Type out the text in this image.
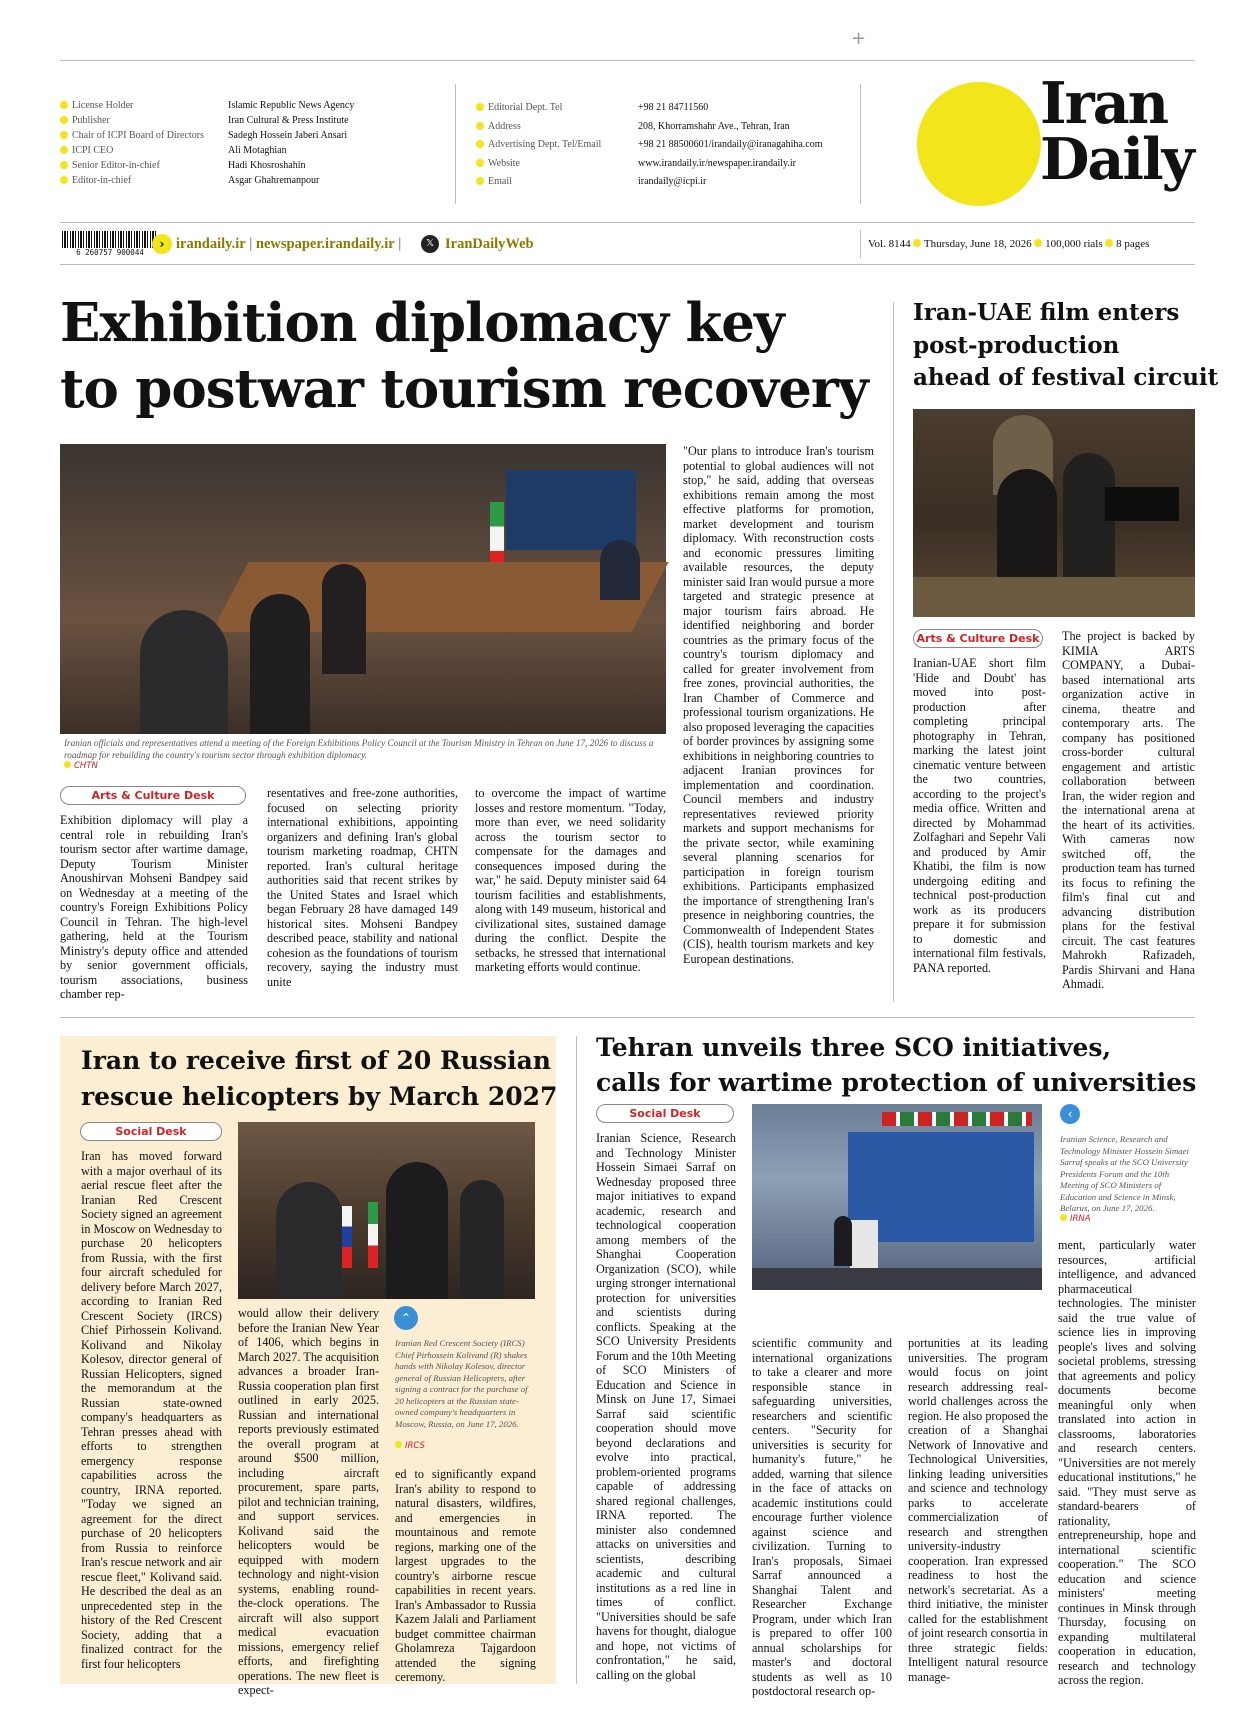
+
License Holder
Publisher
Chair of ICPI Board of Directors
ICPI CEO
Senior Editor-in-chief
Editor-in-chief
Islamic Republic News Agency
Iran Cultural & Press Institute
Sadegh Hossein Jaberi Ansari
Ali Motaghian
Hadi Khosroshahin
Asgar Ghahremanpour
Editorial Dept. Tel
Address
Advertising Dept. Tel/Email
Website
Email
+98 21 84711560
208, Khorramshahr Ave., Tehran, Iran
+98 21 88500601/irandaily@iranagahiha.com
www.irandaily.ir/newspaper.irandaily.ir
irandaily@icpi.ir
Iran
Daily
6 260757 900044
› irandaily.ir | newspaper.irandaily.ir |	𝕏 IranDailyWeb	Vol. 8144 Thursday, June 18, 2026 100,000 rials 8 pages
Exhibition diplomacy key
to postwar tourism recovery
Iranian officials and representatives attend a meeting of the Foreign Exhibitions Policy Council at the Tourism Ministry in Tehran on June 17, 2026 to discuss a roadmap for rebuilding the country's tourism sector through exhibition diplomacy.
CHTN
Arts & Culture Desk
Exhibition diplomacy will play a central role in rebuilding Iran's tourism sector after wartime damage, Deputy Tourism Minister Anoushirvan Mohseni Bandpey said on Wednesday at a meeting of the country's Foreign Exhibitions Policy Council in Tehran. The high-level gathering, held at the Tourism Ministry's deputy office and attended by senior government officials, tourism associations, business chamber rep-
resentatives and free-zone authorities, focused on selecting priority international exhibitions, appointing organizers and defining Iran's global tourism marketing roadmap, CHTN reported. Iran's cultural heritage authorities said that recent strikes by the United States and Israel which began February 28 have damaged 149 historical sites. Mohseni Bandpey described peace, stability and national cohesion as the foundations of tourism recovery, saying the industry must unite
to overcome the impact of wartime losses and restore momentum. "Today, more than ever, we need solidarity across the tourism sector to compensate for the damages and consequences imposed during the war," he said. Deputy minister said 64 tourism facilities and establishments, along with 149 museum, historical and civilizational sites, sustained damage during the conflict. Despite the setbacks, he stressed that international marketing efforts would continue.
"Our plans to introduce Iran's tourism potential to global audiences will not stop," he said, adding that overseas exhibitions remain among the most effective platforms for promotion, market development and tourism diplomacy. With reconstruction costs and economic pressures limiting available resources, the deputy minister said Iran would pursue a more targeted and strategic presence at major tourism fairs abroad. He identified neighboring and border countries as the primary focus of the country's tourism diplomacy and called for greater involvement from free zones, provincial authorities, the Iran Chamber of Commerce and professional tourism organizations. He also proposed leveraging the capacities of border provinces by assigning some exhibitions in neighboring countries to adjacent Iranian provinces for implementation and coordination. Council members and industry representatives reviewed priority markets and support mechanisms for the private sector, while examining several planning scenarios for participation in foreign tourism exhibitions. Participants emphasized the importance of strengthening Iran's presence in neighboring countries, the Commonwealth of Independent States (CIS), health tourism markets and key European destinations.
Iran-UAE film enters
post-production
ahead of festival circuit
Arts & Culture Desk
Iranian-UAE short film 'Hide and Doubt' has moved into post-production after completing principal photography in Tehran, marking the latest joint cinematic venture between the two countries, according to the project's media office. Written and directed by Mohammad Zolfaghari and Sepehr Vali and produced by Amir Khatibi, the film is now undergoing editing and technical post-production work as its producers prepare it for submission to domestic and international film festivals, PANA reported.
The project is backed by KIMIA ARTS COMPANY, a Dubai-based international arts organization active in cinema, theatre and contemporary arts. The company has positioned cross-border cultural engagement and artistic collaboration between Iran, the wider region and the international arena at the heart of its activities. With cameras now switched off, the production team has turned its focus to refining the film's final cut and advancing distribution plans for the festival circuit. The cast features Mahrokh Rafizadeh, Pardis Shirvani and Hana Ahmadi.
Iran to receive first of 20 Russian
rescue helicopters by March 2027
Social Desk
Iran has moved forward with a major overhaul of its aerial rescue fleet after the Iranian Red Crescent Society signed an agreement in Moscow on Wednesday to purchase 20 helicopters from Russia, with the first four aircraft scheduled for delivery before March 2027, according to Iranian Red Crescent Society (IRCS) Chief Pirhossein Kolivand. Kolivand and Nikolay Kolesov, director general of Russian Helicopters, signed the memorandum at the Russian state-owned company's headquarters as Tehran presses ahead with efforts to strengthen emergency response capabilities across the country, IRNA reported. "Today we signed an agreement for the direct purchase of 20 helicopters from Russia to reinforce Iran's rescue network and air rescue fleet," Kolivand said. He described the deal as an unprecedented step in the history of the Red Crescent Society, adding that a finalized contract for the first four helicopters
would allow their delivery before the Iranian New Year of 1406, which begins in March 2027. The acquisition advances a broader Iran-Russia cooperation plan first outlined in early 2025. Russian and international reports previously estimated the overall program at around $500 million, including aircraft procurement, spare parts, pilot and technician training, and support services. Kolivand said the helicopters would be equipped with modern technology and night-vision systems, enabling round-the-clock operations. The aircraft will also support medical evacuation missions, emergency relief efforts, and firefighting operations. The new fleet is expect-
⌃
Iranian Red Crescent Society (IRCS) Chief Pirhossein Kolivand (R) shakes hands with Nikolay Kolesov, director general of Russian Helicopters, after signing a contract for the purchase of 20 helicopters at the Russian state-owned company's headquarters in Moscow, Russia, on June 17, 2026.
IRCS
ed to significantly expand Iran's ability to respond to natural disasters, wildfires, and emergencies in mountainous and remote regions, marking one of the largest upgrades to the country's airborne rescue capabilities in recent years. Iran's Ambassador to Russia Kazem Jalali and Parliament budget committee chairman Gholamreza Tajgardoon attended the signing ceremony.
Tehran unveils three SCO initiatives,
calls for wartime protection of universities
Social Desk
Iranian Science, Research and Technology Minister Hossein Simaei Sarraf on Wednesday proposed three major initiatives to expand academic, research and technological cooperation among members of the Shanghai Cooperation Organization (SCO), while urging stronger international protection for universities and scientists during conflicts. Speaking at the SCO University Presidents Forum and the 10th Meeting of SCO Ministers of Education and Science in Minsk on June 17, Simaei Sarraf said scientific cooperation should move beyond declarations and evolve into practical, problem-oriented programs capable of addressing shared regional challenges, IRNA reported. The minister also condemned attacks on universities and scientists, describing academic and cultural institutions as a red line in times of conflict. "Universities should be safe havens for thought, dialogue and hope, not victims of confrontation," he said, calling on the global
scientific community and international organizations to take a clearer and more responsible stance in safeguarding universities, researchers and scientific centers. "Security for universities is security for humanity's future," he added, warning that silence in the face of attacks on academic institutions could encourage further violence against science and civilization. Turning to Iran's proposals, Simaei Sarraf announced a Shanghai Talent and Researcher Exchange Program, under which Iran is prepared to offer 100 annual scholarships for master's and doctoral students as well as 10 postdoctoral research op-
portunities at its leading universities. The program would focus on joint research addressing real-world challenges across the region. He also proposed the creation of a Shanghai Network of Innovative and Technological Universities, linking leading universities and science and technology parks to accelerate commercialization of research and strengthen university-industry cooperation. Iran expressed readiness to host the network's secretariat. As a third initiative, the minister called for the establishment of joint research consortia in three strategic fields: Intelligent natural resource manage-
‹
Iranian Science, Research and Technology Minister Hossein Simaei Sarraf speaks at the SCO University Presidents Forum and the 10th Meeting of SCO Ministers of Education and Science in Minsk, Belarus, on June 17, 2026.
IRNA
ment, particularly water resources, artificial intelligence, and advanced pharmaceutical technologies. The minister said the true value of science lies in improving people's lives and solving societal problems, stressing that agreements and policy documents become meaningful only when translated into action in classrooms, laboratories and research centers. "Universities are not merely educational institutions," he said. "They must serve as standard-bearers of rationality, entrepreneurship, hope and international scientific cooperation." The SCO education and science ministers' meeting continues in Minsk through Thursday, focusing on expanding multilateral cooperation in education, research and technology across the region.
